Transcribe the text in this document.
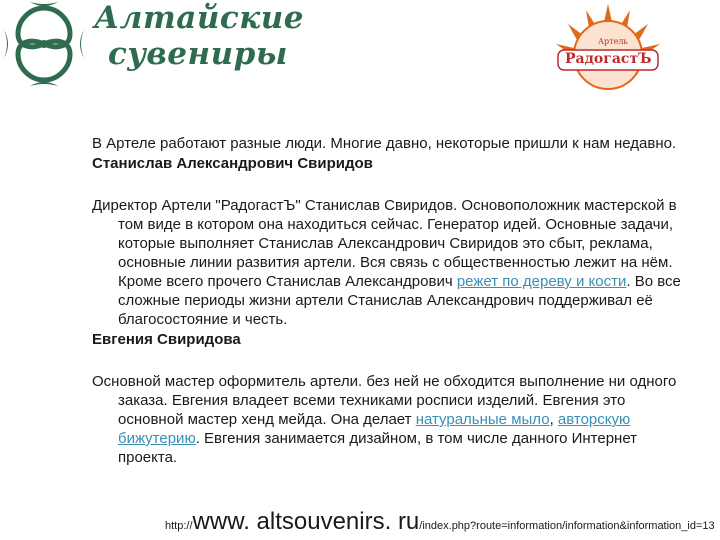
Алтайские
сувениры	Артель
РадогастЪ

В Артеле работают разные люди. Многие давно, некоторые пришли к нам недавно.

Станислав Александрович Свиридов

Директор Артели "РадогастЪ" Станислав Свиридов. Основоположник мастерской в том виде в котором она находиться сейчас. Генератор идей. Основные задачи, которые выполняет Станислав Александрович Свиридов это сбыт, реклама, основные линии развития артели. Вся связь с общественностью лежит на нём. Кроме всего прочего Станислав Александрович режет по дереву и кости. Во все сложные периоды жизни артели Станислав Александрович поддерживал её благосостояние и честь.

Евгения Свиридова

Основной мастер оформитель артели. без ней не обходится выполнение ни одного заказа. Евгения владеет всеми техниками росписи изделий. Евгения это основной мастер хенд мейда. Она делает натуральные мыло, авторскую бижутерию. Евгения занимается дизайном, в том числе данного Интернет проекта.

http://www. altsouvenirs. ru/index.php?route=information/information&information_id=13
